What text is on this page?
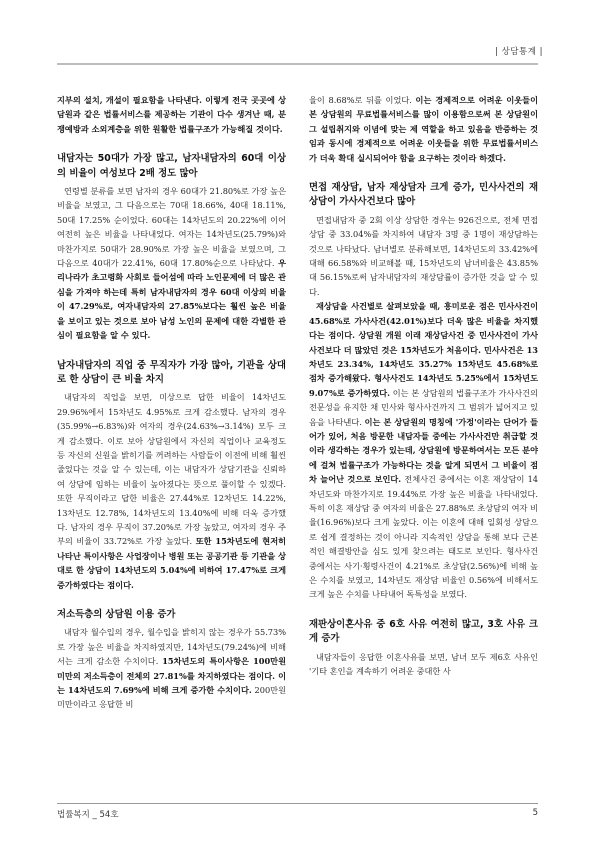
| 상담통계 |

지부의 설치, 개설이 필요함을 나타낸다. 이렇게 전국 곳곳에 상담원과 같은 법률서비스를 제공하는 기관이 다수 생겨난 때, 분쟁예방과 소외계층을 위한 원활한 법률구조가 가능해질 것이다.

내담자는 50대가 가장 많고, 남자내담자의 60대 이상의 비율이 여성보다 2배 정도 많아

연령별 분류를 보면 남자의 경우 60대가 21.80%로 가장 높은 비율을 보였고, 그 다음으로는 70대 18.66%, 40대 18.11%, 50대 17.25% 순이었다. 60대는 14차년도의 20.22%에 이어 여전히 높은 비율을 나타내었다. 여자는 14차년도(25.79%)와 마찬가지로 50대가 28.90%로 가장 높은 비율을 보였으며, 그 다음으로 40대가 22.41%, 60대 17.80%순으로 나타났다. 우리나라가 초고령화 사회로 들어섬에 따라 노인문제에 더 많은 관심을 가져야 하는데 특히 남자내담자의 경우 60대 이상의 비율이 47.29%로, 여자내담자의 27.85%보다는 훨씬 높은 비율을 보이고 있는 것으로 보아 남성 노인의 문제에 대한 각별한 관심이 필요함을 알 수 있다.

남자내담자의 직업 중 무직자가 가장 많아, 기관을 상대로 한 상담이 큰 비율 차지

내담자의 직업을 보면, 미상으로 답한 비율이 14차년도 29.96%에서 15차년도 4.95%로 크게 감소했다. 남자의 경우(35.99%→6.83%)와 여자의 경우(24.63%→3.14%) 모두 크게 감소했다. 이로 보아 상담원에서 자신의 직업이나 교육정도 등 자신의 신원을 밝히기를 꺼려하는 사람들이 이전에 비해 훨씬 줄었다는 것을 알 수 있는데, 이는 내담자가 상담기관을 신뢰하여 상담에 임하는 비율이 높아졌다는 뜻으로 풀이할 수 있겠다. 또한 무직이라고 답한 비율은 27.44%로 12차년도 14.22%, 13차년도 12.78%, 14차년도의 13.40%에 비해 더욱 증가했다. 남자의 경우 무직이 37.20%로 가장 높았고, 여자의 경우 주부의 비율이 33.72%로 가장 높았다. 또한 15차년도에 현저히 나타난 특이사항은 사업장이나 병원 또는 공공기관 등 기관을 상대로 한 상담이 14차년도의 5.04%에 비하여 17.47%로 크게 증가하였다는 점이다.

저소득층의 상담원 이용 증가

내담자 월수입의 경우, 월수입을 밝히지 않는 경우가 55.73%로 가장 높은 비율을 차지하였지만, 14차년도(79.24%)에 비해서는 크게 감소한 수치이다. 15차년도의 특이사항은 100만원 미만의 저소득층이 전체의 27.81%를 차지하였다는 점이다. 이는 14차년도의 7.69%에 비해 크게 증가한 수치이다. 200만원 미만이라고 응답한 비

율이 8.68%로 뒤를 이었다. 이는 경제적으로 어려운 이웃들이 본 상담원의 무료법률서비스를 많이 이용함으로써 본 상담원이 그 설립취지와 이념에 맞는 제 역할을 하고 있음을 반증하는 것임과 동시에 경제적으로 어려운 이웃들을 위한 무료법률서비스가 더욱 확대 실시되어야 함을 요구하는 것이라 하겠다.

면접 재상담, 남자 재상담자 크게 증가, 민사사건의 재상담이 가사사건보다 많아

면접내담자 중 2회 이상 상담한 경우는 926건으로, 전체 면접상담 중 33.04%를 차지하여 내담자 3명 중 1명이 재상담하는 것으로 나타났다. 남녀별로 분류해보면, 14차년도의 33.42%에 대해 66.58%와 비교해볼 때, 15차년도의 남녀비율은 43.85% 대 56.15%로써 남자내담자의 재상담률이 증가한 것을 알 수 있다.

재상담을 사건별로 살펴보았을 때, 흥미로운 점은 민사사건이 45.68%로 가사사건(42.01%)보다 더욱 많은 비율을 차지했다는 점이다. 상담원 개원 이래 재상담사건 중 민사사건이 가사사건보다 더 많았던 것은 15차년도가 처음이다. 민사사건은 13차년도 23.34%, 14차년도 35.27% 15차년도 45.68%로 점차 증가해왔다. 형사사건도 14차년도 5.25%에서 15차년도 9.07%로 증가하였다. 이는 본 상담원의 법률구조가 가사사건의 전문성을 유지한 채 민사와 형사사건까지 그 범위가 넓어지고 있음을 나타낸다. 이는 본 상담원의 명칭에 '가정'이라는 단어가 들어가 있어, 처음 방문한 내담자들 중에는 가사사건만 취급할 것이라 생각하는 경우가 있는데, 상담원에 방문하여서는 모든 분야에 걸쳐 법률구조가 가능하다는 것을 알게 되면서 그 비율이 점차 늘어난 것으로 보인다. 전체사건 중에서는 이혼 재상담이 14차년도와 마찬가지로 19.44%로 가장 높은 비율을 나타내었다. 특히 이혼 재상담 중 여자의 비율은 27.88%로 초상담의 여자 비율(16.96%)보다 크게 높았다. 이는 이혼에 대해 일회성 상담으로 쉽게 결정하는 것이 아니라 지속적인 상담을 통해 보다 근본적인 해결방안을 심도 있게 찾으려는 태도로 보인다. 형사사건 중에서는 사기·횡령사건이 4.21%로 초상담(2.56%)에 비해 높은 수치를 보였고, 14차년도 재상담 비율인 0.56%에 비해서도 크게 높은 수치를 나타내어 독특성을 보였다.

재판상이혼사유 중 6호 사유 여전히 많고, 3호 사유 크게 증가

내담자들이 응답한 이혼사유를 보면, 남녀 모두 제6호 사유인 '기타 혼인을 계속하기 어려운 중대한 사

법률복지 _ 54호	5
